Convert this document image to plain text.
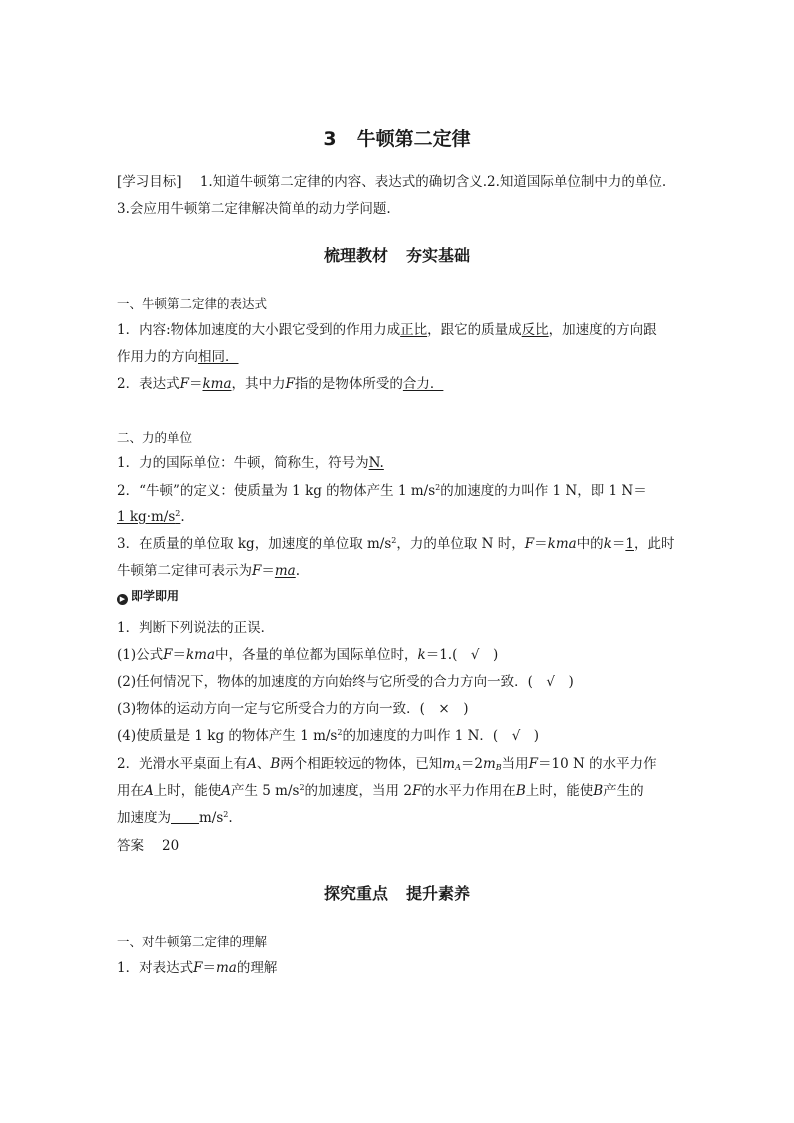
3 牛顿第二定律
[学习目标] 1.知道牛顿第二定律的内容、表达式的确切含义.2.知道国际单位制中力的单位.
3.会应用牛顿第二定律解决简单的动力学问题.
梳理教材 夯实基础
一、牛顿第二定律的表达式
1．内容:物体加速度的大小跟它受到的作用力成正比，跟它的质量成反比，加速度的方向跟
作用力的方向相同．
2．表达式F＝kma，其中力F指的是物体所受的合力．
二、力的单位
1．力的国际单位：牛顿，简称生，符号为N.
2．“牛顿”的定义：使质量为 1 kg 的物体产生 1 $m/s^2$的加速度的力叫作 1 N，即 1 N＝
1 $kg\cdot m/s^2$.
3．在质量的单位取 kg，加速度的单位取 $m/s^2$，力的单位取 N 时，F＝kma中的k＝1，此时
牛顿第二定律可表示为F＝ma.
▶ 即学即用
1．判断下列说法的正误．
(1)公式F＝kma中，各量的单位都为国际单位时，k＝1.(　√　)
(2)任何情况下，物体的加速度的方向始终与它所受的合力方向一致．(　√　)
(3)物体的运动方向一定与它所受合力的方向一致．(　×　)
(4)使质量是 1 kg 的物体产生 1 $m/s^2$的加速度的力叫作 1 N．(　√　)
2．光滑水平桌面上有A、B两个相距较远的物体，已知$m_A=2m_B$当用F＝10 N 的水平力作
用在A上时，能使A产生 5 $m/s^2$的加速度，当用 2F的水平力作用在B上时，能使B产生的
加速度为 $m/s^2$.
答案 20
探究重点 提升素养
一、对牛顿第二定律的理解
1．对表达式F＝ma的理解
